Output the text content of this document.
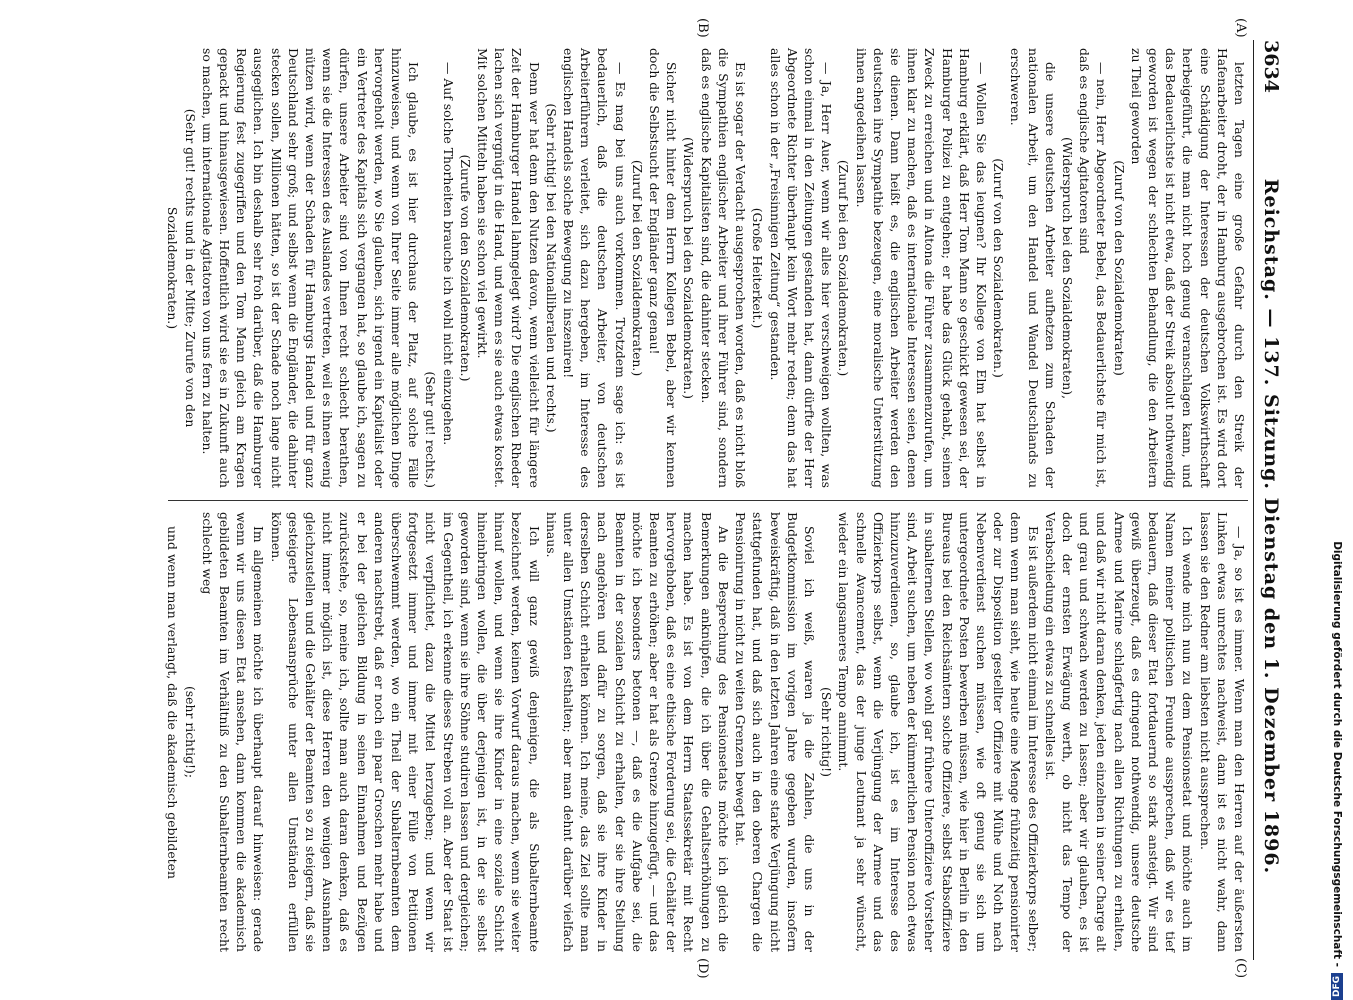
3634
Reichstag. — 137. Sitzung. Dienstag den 1. Dezember 1896.
(A)
(B)
(C)
(D)

letzten Tagen eine große Gefahr durch den Streik der Hafenarbeiter droht, der in Hamburg ausgebrochen ist. Es wird dort eine Schädigung der Interessen der deutschen Volkswirthschaft herbeigeführt, die man nicht hoch genug veranschlagen kann, und das Bedauerlichste ist nicht etwa, daß der Streik absolut nothwendig geworden ist wegen der schlechten Behandlung, die den Arbeitern zu Theil geworden

(Zuruf von den Sozialdemokraten)

— nein, Herr Abgeordneter Bebel, das Bedauerlichste für mich ist, daß es englische Agitatoren sind

(Widerspruch bei den Sozialdemokraten),

die unsere deutschen Arbeiter aufhetzen zum Schaden der nationalen Arbeit, um den Handel und Wandel Deutschlands zu erschweren.

(Zuruf von den Sozialdemokraten.)

— Wollen Sie das leugnen? Ihr Kollege von Elm hat selbst in Hamburg erklärt, daß Herr Tom Mann so geschickt gewesen sei, der Hamburger Polizei zu entgehen; er habe das Glück gehabt, seinen Zweck zu erreichen und in Altona die Führer zusammenzurufen, um ihnen klar zu machen, daß es internationale Interessen seien, denen sie dienen. Dann heißt es, die englischen Arbeiter werden den deutschen ihre Sympathie bezeugen, eine moralische Unterstützung ihnen angedeihen lassen.

(Zuruf bei den Sozialdemokraten.)

— Ja, Herr Auer, wenn wir alles hier verschweigen wollten, was schon einmal in den Zeitungen gestanden hat, dann dürfte der Herr Abgeordnete Richter überhaupt kein Wort mehr reden; denn das hat alles schon in der „Freisinnigen Zeitung“ gestanden.

(Große Heiterkeit.)

Es ist sogar der Verdacht ausgesprochen worden, daß es nicht bloß die Sympathien englischer Arbeiter und ihrer Führer sind, sondern daß es englische Kapitalisten sind, die dahinter stecken.

(Widerspruch bei den Sozialdemokraten.)

Sicher nicht hinter dem Herrn Kollegen Bebel, aber wir kennen doch die Selbstsucht der Engländer ganz genau!

(Zuruf bei den Sozialdemokraten.)

— Es mag bei uns auch vorkommen. Trotzdem sage ich: es ist bedauerlich, daß die deutschen Arbeiter, von deutschen Arbeiterführern verleitet, sich dazu hergeben, im Interesse des englischen Handels solche Bewegung zu inszeniren!

(Sehr richtig! bei den Nationalliberalen und rechts.)

Denn wer hat denn den Nutzen davon, wenn vielleicht für längere Zeit der Hamburger Handel lahmgelegt wird? Die englischen Rheder lachen sich vergnügt in die Hand, und wenn es sie auch etwas kostet. Mit solchen Mitteln haben sie schon viel gewirkt.

(Zurufe von den Sozialdemokraten.)

— Auf solche Thorheiten brauche ich wohl nicht einzugehen.

(Sehr gut! rechts.)

Ich glaube, es ist hier durchaus der Platz, auf solche Fälle hinzuweisen, und wenn von Ihrer Seite immer alle möglichen Dinge hervorgeholt werden, wo Sie glauben, sich irgend ein Kapitalist oder ein Vertreter des Kapitals sich vergangen hat, so glaube ich, sagen zu dürfen, unsere Arbeiter sind von Ihnen recht schlecht berathen, wenn sie die Interessen des Auslandes vertreten, weil es ihnen wenig nützen wird, wenn der Schaden für Hamburgs Handel und für ganz Deutschland sehr groß; und selbst wenn die Engländer, die dahinter stecken sollen, Millionen hätten, so ist der Schade noch lange nicht ausgeglichen. Ich bin deshalb sehr froh darüber, daß die Hamburger Regierung fest zugegriffen und den Tom Mann gleich am Kragen gepackt und hinausgewiesen. Hoffentlich wird sie es in Zukunft auch so machen, um internationale Agitatoren von uns fern zu halten.

(Sehr gut! rechts und in der Mitte; Zurufe von den Sozialdemokraten.)

— Ja, so ist es immer. Wenn man den Herren auf der äußersten Linken etwas unrechtes nachweist, dann ist es nicht wahr, dann lassen sie den Redner am liebsten nicht aussprechen.

Ich wende mich nun zu dem Pensionsetat und möchte auch im Namen meiner politischen Freunde aussprechen, daß wir es tief bedauern, daß dieser Etat fortdauernd so stark ansteigt. Wir sind gewiß überzeugt, daß es dringend nothwendig, unsere deutsche Armee und Marine schlagfertig nach allen Richtungen zu erhalten, und daß wir nicht daran denken, jeden einzelnen in seiner Charge alt und grau und schwach werden zu lassen; aber wir glauben, es ist doch der ernsten Erwägung werth, ob nicht das Tempo der Verabschiedung ein etwas zu schnelles ist.

Es ist außerdem nicht einmal im Interesse des Offizierkorps selber; denn wenn man sieht, wie heute eine Menge frühzeitig pensionirter oder zur Disposition gestellter Offiziere mit Mühe und Noth nach Nebenverdienst suchen müssen, wie oft genug sie sich um untergeordnete Posten bewerben müssen, wie hier in Berlin in den Bureaus bei den Reichsämtern solche Offiziere, selbst Stabsoffiziere in subalternen Stellen, wo wohl gar frühere Unteroffiziere Vorsteher sind, Arbeit suchen, um neben der kümmerlichen Pension noch etwas hinzuzuverdienen, so, glaube ich, ist es im Interesse des Offizierkorps selbst, wenn die Verjüngung der Armee und das schnelle Avancement, das der junge Leutnant ja sehr wünscht, wieder ein langsameres Tempo annimmt.

(Sehr richtig!)

Soviel ich weiß, waren ja die Zahlen, die uns in der Budgetkommission im vorigen Jahre gegeben wurden, insofern beweiskräftig, daß in den letzten Jahren eine starke Verjüngung nicht stattgefunden hat, und daß sich auch in den oberen Chargen die Pensionirung in nicht zu weiten Grenzen bewegt hat.

An die Besprechung des Pensionsetats möchte ich gleich die Bemerkungen anknüpfen, die ich über die Gehaltserhöhungen zu machen habe. Es ist von dem Herrn Staatssekretär mit Recht hervorgehoben, daß es eine ethische Forderung sei, die Gehälter der Beamten zu erhöhen; aber er hat als Grenze hinzugefügt, — und das möchte ich besonders betonen —, daß es die Aufgabe sei, die Beamten in der sozialen Schicht zu erhalten, der sie ihre Stellung nach angehören und dafür zu sorgen, daß sie ihre Kinder in derselben Schicht erhalten können. Ich meine, das Ziel sollte man unter allen Umständen festhalten; aber man dehnt darüber vielfach hinaus.

Ich will ganz gewiß denjenigen, die als Subalternbeamte bezeichnet werden, keinen Vorwurf daraus machen, wenn sie weiter hinauf wollen, und wenn sie ihre Kinder in eine soziale Schicht hineinbringen wollen, die über derjenigen ist, in der sie selbst geworden sind, wenn sie ihre Söhne studiren lassen und dergleichen; im Gegentheil, ich erkenne dieses Streben voll an. Aber der Staat ist nicht verpflichtet, dazu die Mittel herzugeben; und wenn wir fortgesetzt immer und immer mit einer Fülle von Petitionen überschwemmt werden, wo ein Theil der Subalternbeamten dem anderen nachstrebt, daß er noch ein paar Groschen mehr habe und er bei der gleichen Bildung in seinen Einnahmen und Bezügen zurückstehe, so, meine ich, sollte man auch daran denken, daß es nicht immer möglich ist, diese Herren den wenigen Ausnahmen gleichzustellen und die Gehälter der Beamten so zu steigern, daß sie gesteigerte Lebensansprüche unter allen Umständen erfüllen können.

Im allgemeinen möchte ich überhaupt darauf hinweisen: gerade wenn wir uns diesen Etat ansehen, dann kommen die akademisch gebildeten Beamten im Verhältniß zu den Subalternbeamten recht schlecht weg

(sehr richtig!);

und wenn man verlangt, daß die akademisch gebildeten	Digitalisierung gefördert durch die Deutsche Forschungsgemeinschaft -
DFG
